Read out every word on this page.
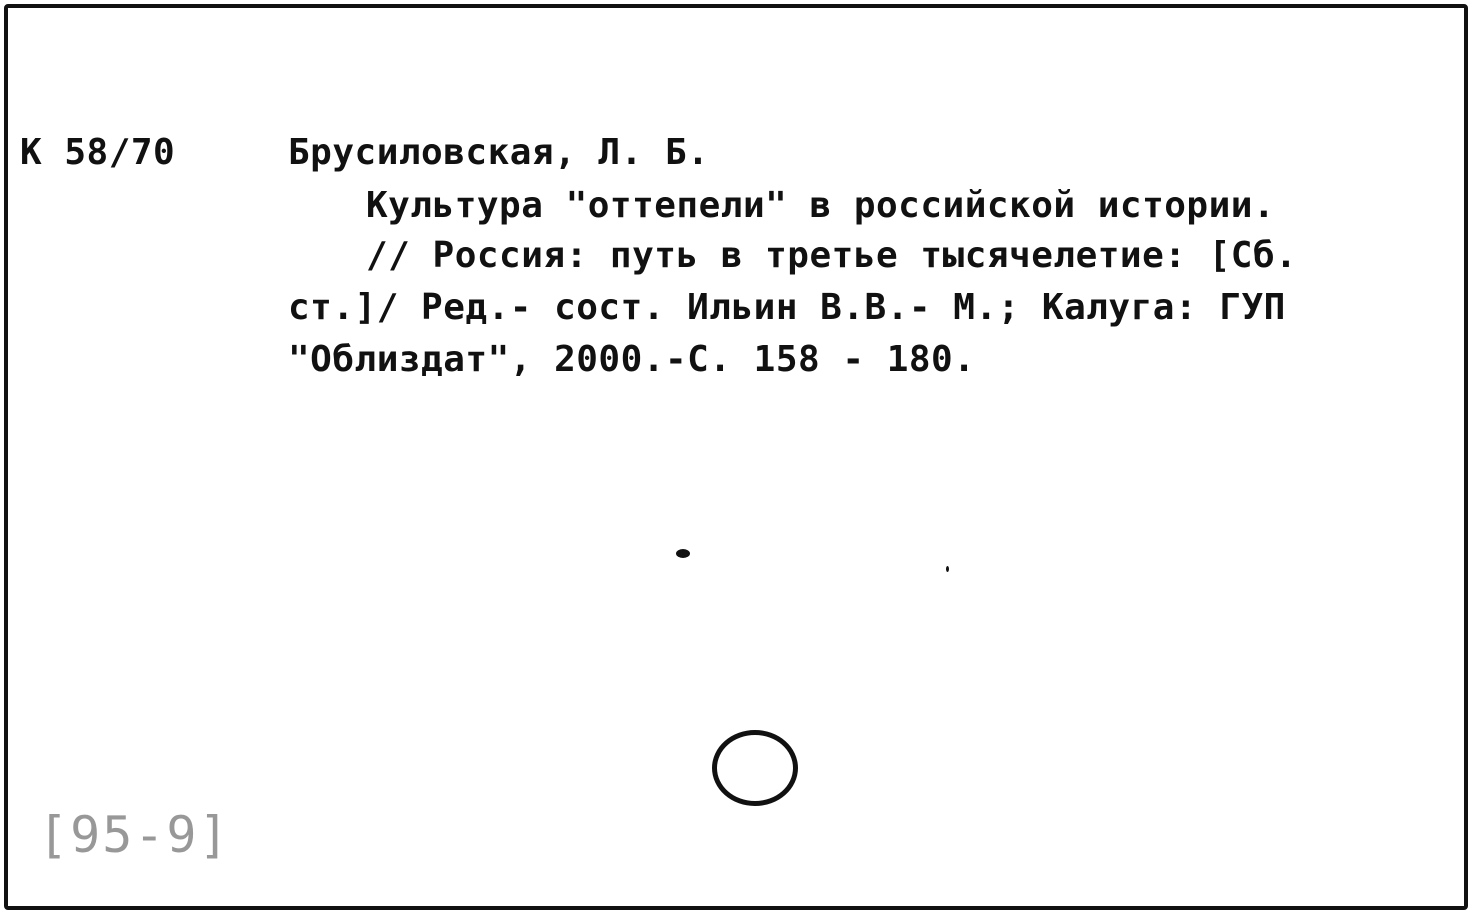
К 58/70	Брусиловская, Л. Б.
Культура "оттепели" в российской истории.
// Россия: путь в третье тысячелетие: [Сб.
ст.]/ Ред.- сост. Ильин В.В.- М.; Калуга: ГУП
"Облиздат", 2000.-С. 158 - 180.
[95-9]
